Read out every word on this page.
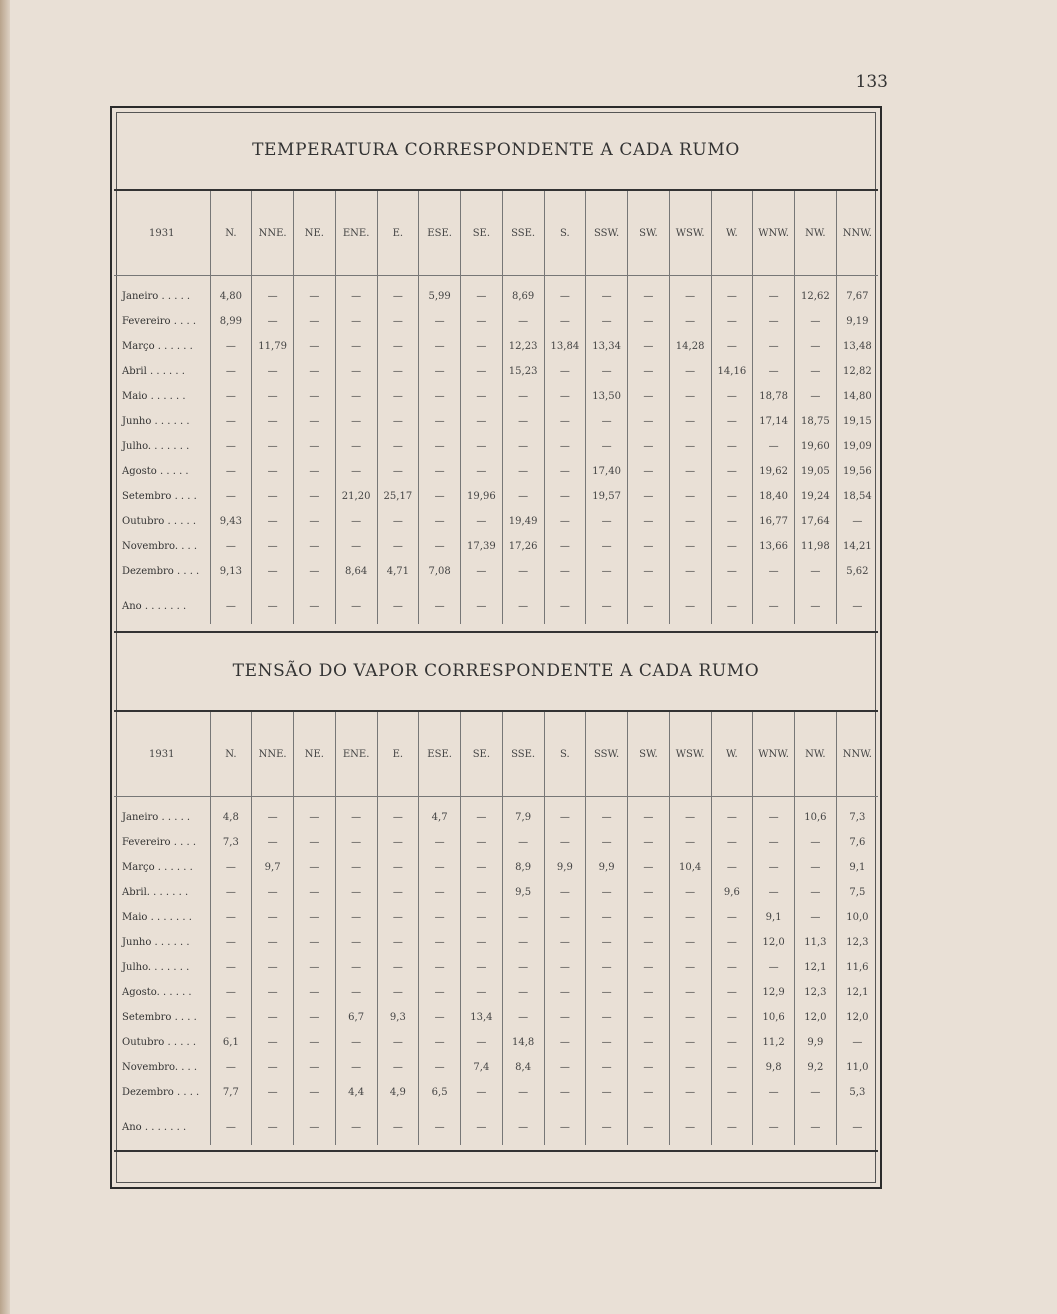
133
TEMPERATURA CORRESPONDENTE A CADA RUMO
1931	N.	NNE.	NE.	ENE.	E.	ESE.	SE.	SSE.	S.	SSW.	SW.	WSW.	W.	WNW.	NW.	NNW.
Janeiro . . . . .	4,80	—	—	—	—	5,99	—	8,69	—	—	—	—	—	—	12,62	7,67
Fevereiro . . . .	8,99	—	—	—	—	—	—	—	—	—	—	—	—	—	—	9,19
Março . . . . . .	—	11,79	—	—	—	—	—	12,23	13,84	13,34	—	14,28	—	—	—	13,48
Abril . . . . . .	—	—	—	—	—	—	—	15,23	—	—	—	—	14,16	—	—	12,82
Maio . . . . . .	—	—	—	—	—	—	—	—	—	13,50	—	—	—	18,78	—	14,80
Junho . . . . . .	—	—	—	—	—	—	—	—	—	—	—	—	—	17,14	18,75	19,15
Julho. . . . . . .	—	—	—	—	—	—	—	—	—	—	—	—	—	—	19,60	19,09
Agosto . . . . .	—	—	—	—	—	—	—	—	—	17,40	—	—	—	19,62	19,05	19,56
Setembro . . . .	—	—	—	21,20	25,17	—	19,96	—	—	19,57	—	—	—	18,40	19,24	18,54
Outubro . . . . .	9,43	—	—	—	—	—	—	19,49	—	—	—	—	—	16,77	17,64	—
Novembro. . . .	—	—	—	—	—	—	17,39	17,26	—	—	—	—	—	13,66	11,98	14,21
Dezembro . . . .	9,13	—	—	8,64	4,71	7,08	—	—	—	—	—	—	—	—	—	5,62
Ano . . . . . . .	—	—	—	—	—	—	—	—	—	—	—	—	—	—	—	—
TENSÃO DO VAPOR CORRESPONDENTE A CADA RUMO
1931	N.	NNE.	NE.	ENE.	E.	ESE.	SE.	SSE.	S.	SSW.	SW.	WSW.	W.	WNW.	NW.	NNW.
Janeiro . . . . .	4,8	—	—	—	—	4,7	—	7,9	—	—	—	—	—	—	10,6	7,3
Fevereiro . . . .	7,3	—	—	—	—	—	—	—	—	—	—	—	—	—	—	7,6
Março . . . . . .	—	9,7	—	—	—	—	—	8,9	9,9	9,9	—	10,4	—	—	—	9,1
Abril. . . . . . .	—	—	—	—	—	—	—	9,5	—	—	—	—	9,6	—	—	7,5
Maio . . . . . . .	—	—	—	—	—	—	—	—	—	—	—	—	—	9,1	—	10,0
Junho . . . . . .	—	—	—	—	—	—	—	—	—	—	—	—	—	12,0	11,3	12,3
Julho. . . . . . .	—	—	—	—	—	—	—	—	—	—	—	—	—	—	12,1	11,6
Agosto. . . . . .	—	—	—	—	—	—	—	—	—	—	—	—	—	12,9	12,3	12,1
Setembro . . . .	—	—	—	6,7	9,3	—	13,4	—	—	—	—	—	—	10,6	12,0	12,0
Outubro . . . . .	6,1	—	—	—	—	—	—	14,8	—	—	—	—	—	11,2	9,9	—
Novembro. . . .	—	—	—	—	—	—	7,4	8,4	—	—	—	—	—	9,8	9,2	11,0
Dezembro . . . .	7,7	—	—	4,4	4,9	6,5	—	—	—	—	—	—	—	—	—	5,3
Ano . . . . . . .	—	—	—	—	—	—	—	—	—	—	—	—	—	—	—	—
